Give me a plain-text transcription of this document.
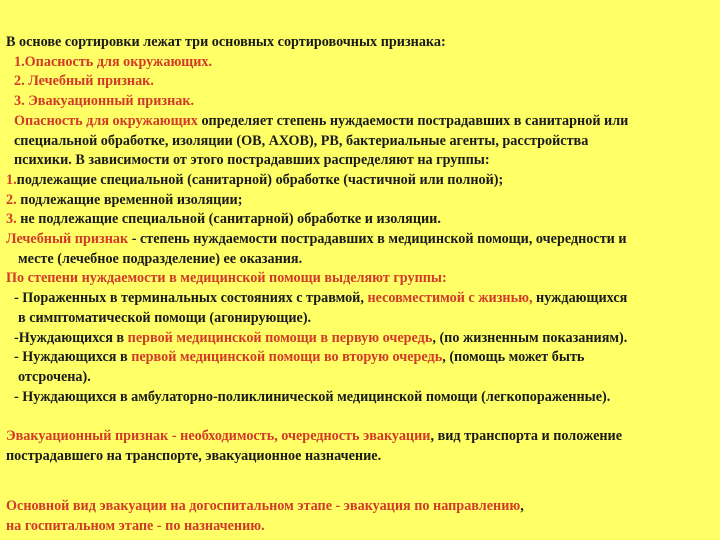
В основе сортировки лежат три основных сортировочных признака:

1.Опасность для окружающих.

2. Лечебный признак.

3. Эвакуационный признак.

Опасность для окружающих определяет степень нуждаемости пострадавших в санитарной или

специальной обработке, изоляции (ОВ, АХОВ), РВ, бактериальные агенты, расстройства

психики. В зависимости от этого пострадавших распределяют на группы:

1.подлежащие специальной (санитарной) обработке (частичной или полной);

2. подлежащие временной изоляции;

3. не подлежащие специальной (санитарной) обработке и изоляции.

Лечебный признак - степень нуждаемости пострадавших в медицинской помощи, очередности и

месте (лечебное подразделение) ее оказания.

По степени нуждаемости в медицинской помощи выделяют группы:

- Пораженных в терминальных состояниях с травмой, несовместимой с жизнью, нуждающихся

в симптоматической помощи (агонирующие).

-Нуждающихся в первой медицинской помощи в первую очередь, (по жизненным показаниям).

- Нуждающихся в первой медицинской помощи во вторую очередь, (помощь может быть

отсрочена).

- Нуждающихся в амбулаторно-поликлинической медицинской помощи (легкопораженные).

Эвакуационный признак - необходимость, очередность эвакуации, вид транспорта и положение

пострадавшего на транспорте, эвакуационное назначение.

Основной вид эвакуации на догоспитальном этапе - эвакуация по направлению,

на госпитальном этапе - по назначению.
